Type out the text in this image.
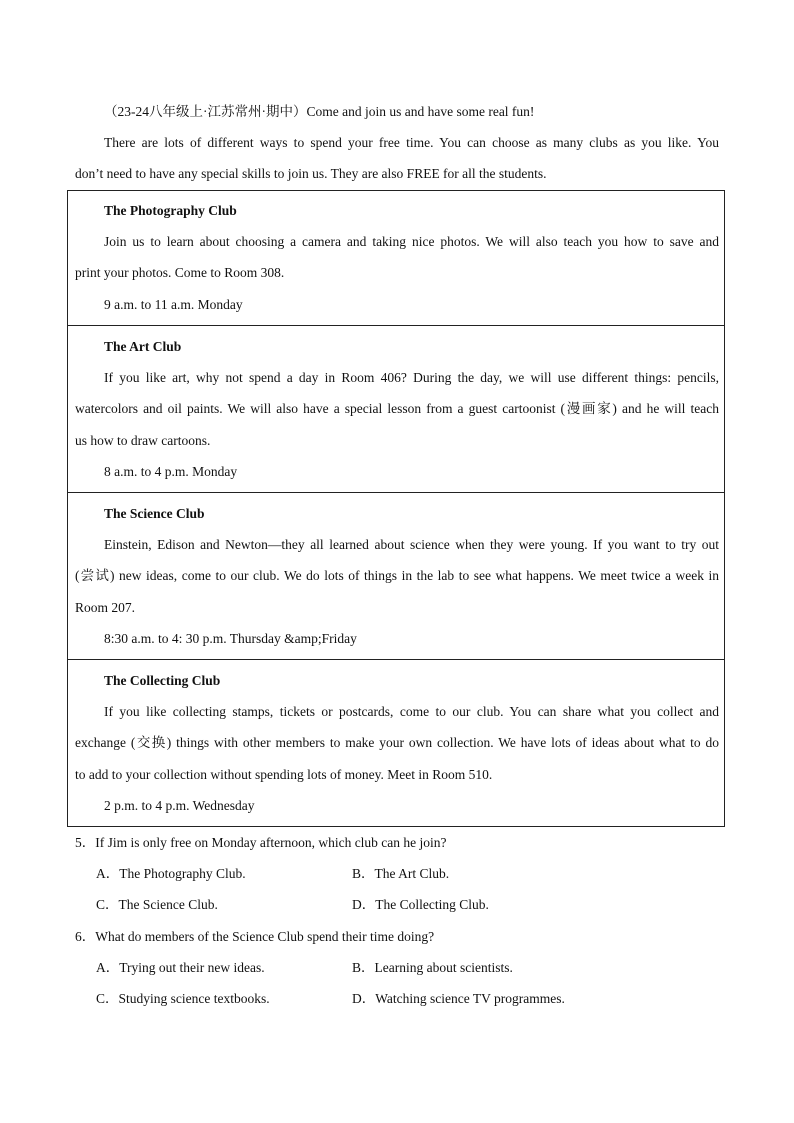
（23-24八年级上·江苏常州·期中）Come and join us and have some real fun!
There are lots of different ways to spend your free time. You can choose as many clubs as you like. You
don’t need to have any special skills to join us. They are also FREE for all the students.
The Photography Club
Join us to learn about choosing a camera and taking nice photos. We will also teach you how to save and
print your photos. Come to Room 308.
9 a.m. to 11 a.m. Monday
The Art Club
If you like art, why not spend a day in Room 406? During the day, we will use different things: pencils,
watercolors and oil paints. We will also have a special lesson from a guest cartoonist (漫画家) and he will teach
us how to draw cartoons.
8 a.m. to 4 p.m. Monday
The Science Club
Einstein, Edison and Newton—they all learned about science when they were young. If you want to try out
(尝试) new ideas, come to our club. We do lots of things in the lab to see what happens. We meet twice a week in
Room 207.
8:30 a.m. to 4: 30 p.m. Thursday &amp;Friday
The Collecting Club
If you like collecting stamps, tickets or postcards, come to our club. You can share what you collect and
exchange (交换) things with other members to make your own collection. We have lots of ideas about what to do
to add to your collection without spending lots of money. Meet in Room 510.
2 p.m. to 4 p.m. Wednesday
5．If Jim is only free on Monday afternoon, which club can he join?
A．The Photography Club.	B．The Art Club.
C．The Science Club.	D．The Collecting Club.
6．What do members of the Science Club spend their time doing?
A．Trying out their new ideas.	B．Learning about scientists.
C．Studying science textbooks.	D．Watching science TV programmes.
